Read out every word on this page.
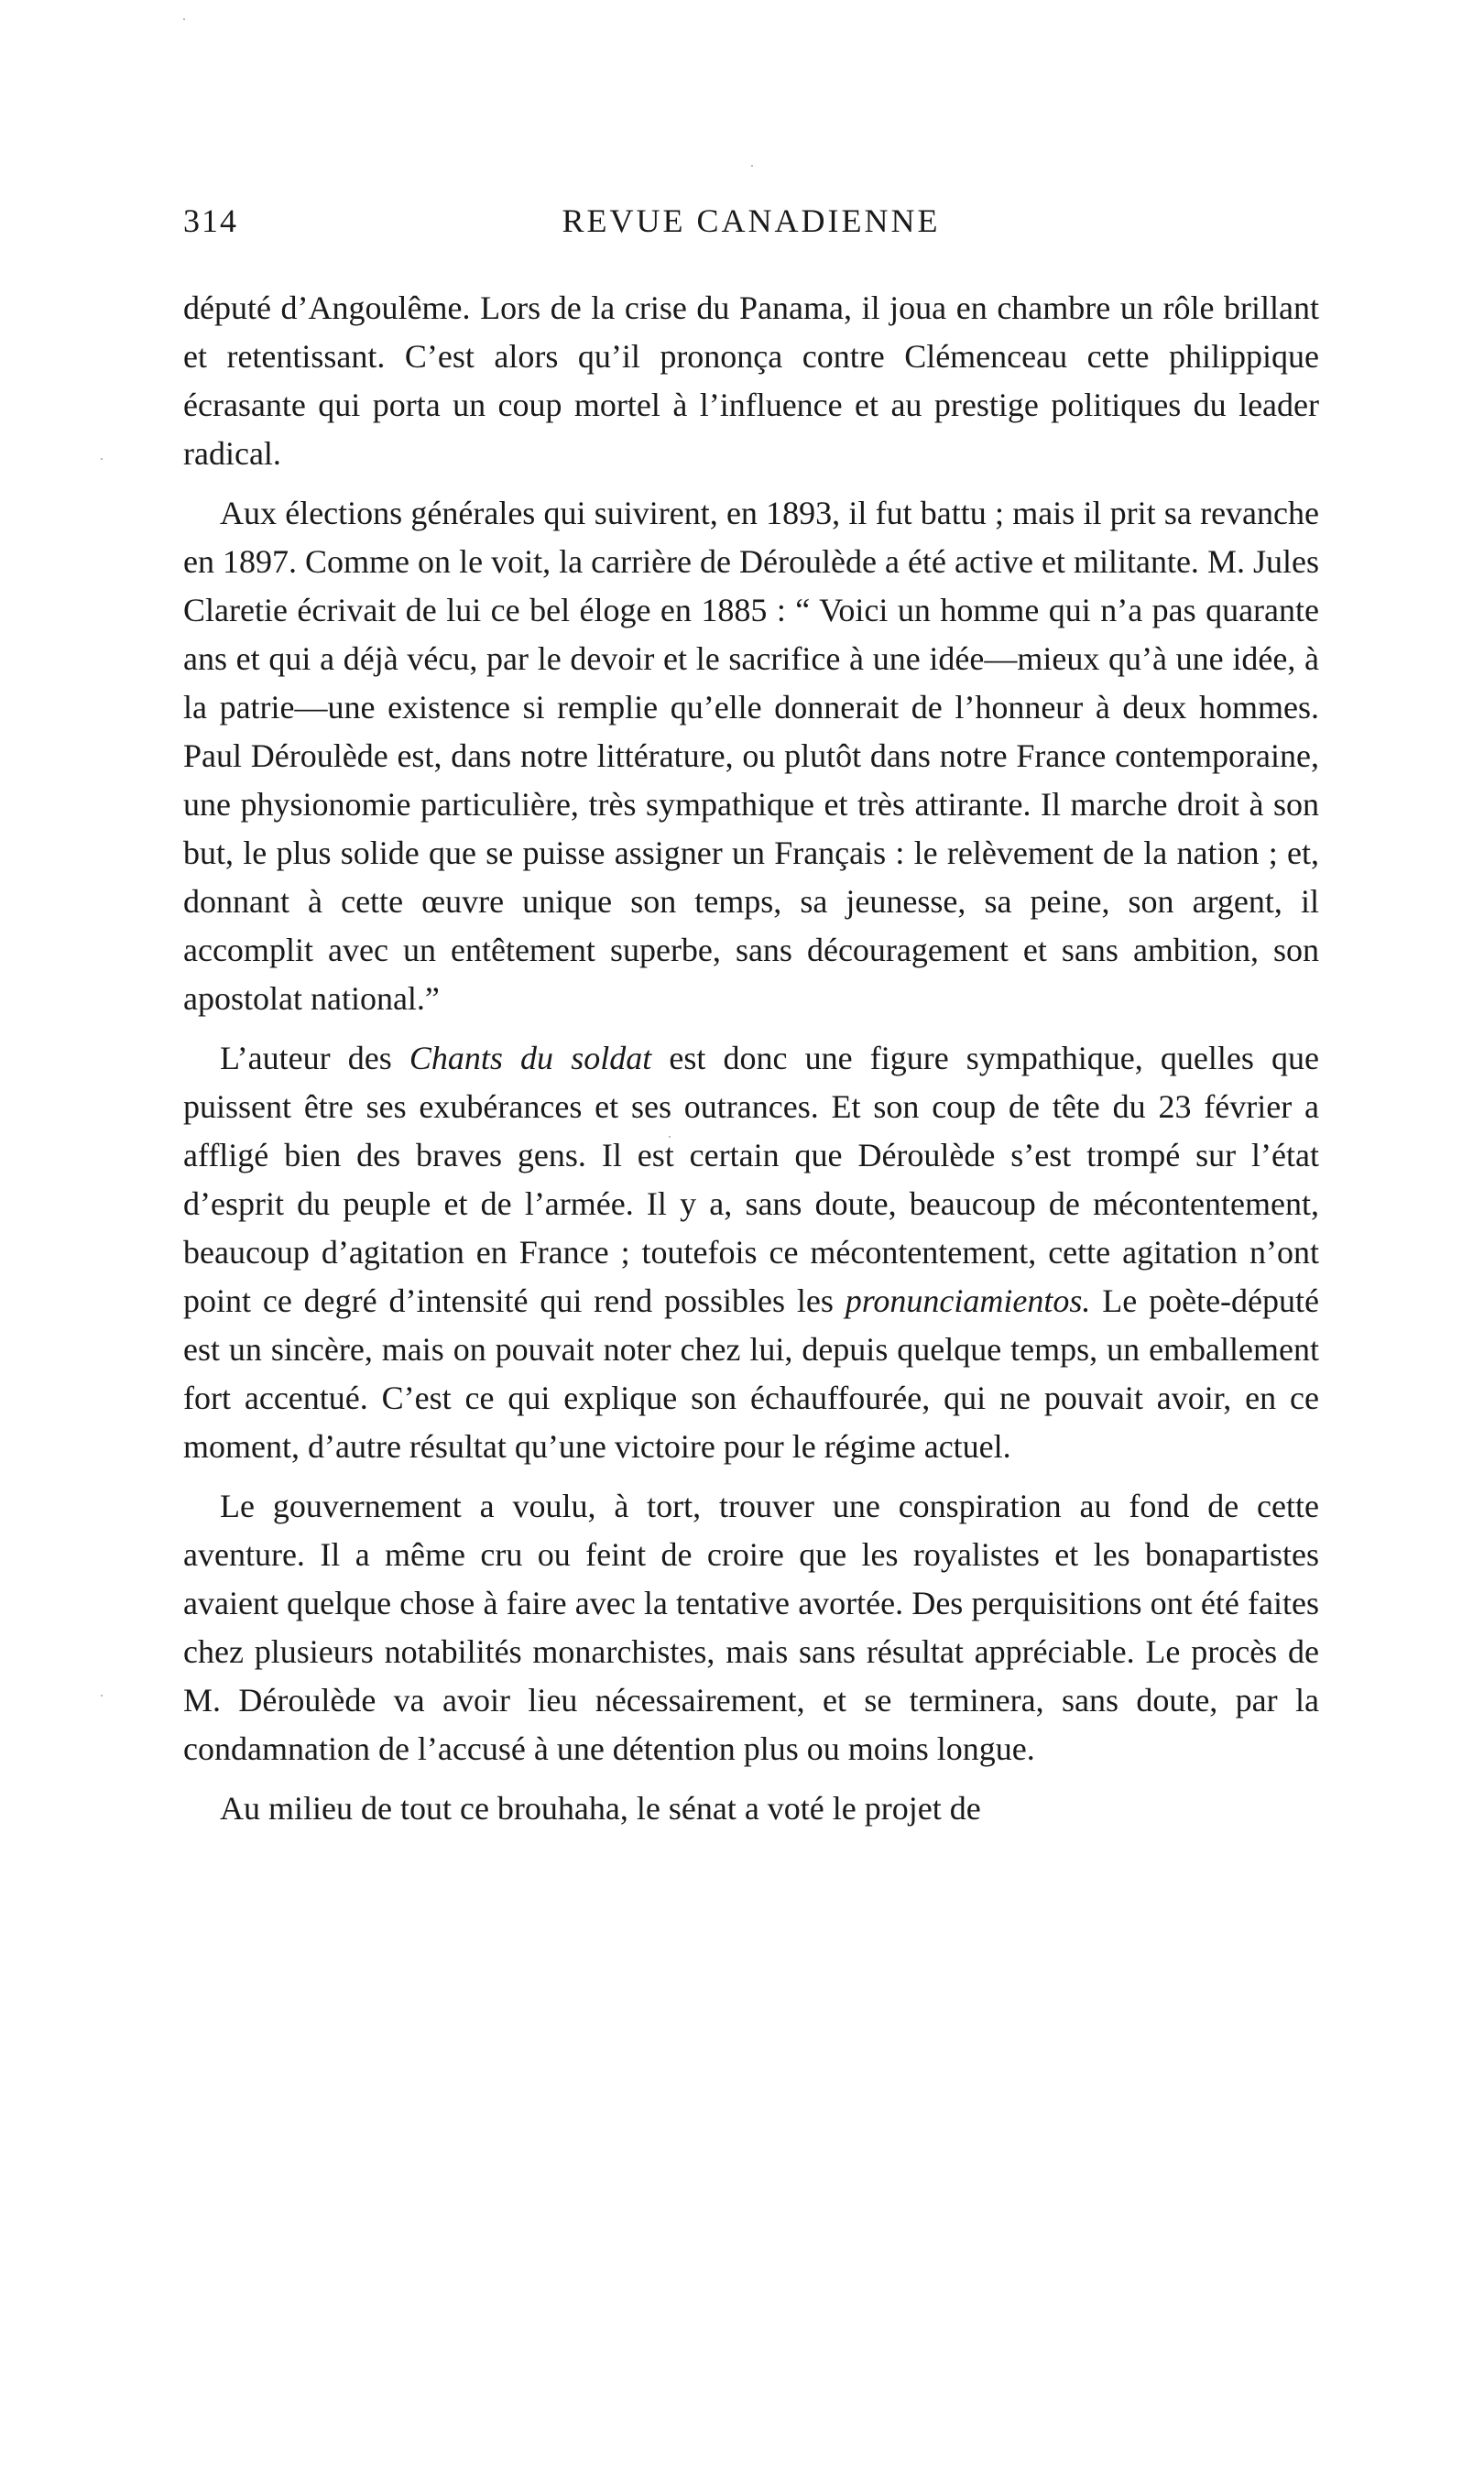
314	REVUE CANADIENNE

député d’Angoulême. Lors de la crise du Panama, il joua en chambre un rôle brillant et retentissant. C’est alors qu’il prononça contre Clémenceau cette philippique écrasante qui porta un coup mortel à l’influence et au prestige politiques du leader radical.

Aux élections générales qui suivirent, en 1893, il fut battu ; mais il prit sa revanche en 1897. Comme on le voit, la carrière de Déroulède a été active et militante. M. Jules Claretie écrivait de lui ce bel éloge en 1885 : “ Voici un homme qui n’a pas quarante ans et qui a déjà vécu, par le devoir et le sacrifice à une idée—mieux qu’à une idée, à la patrie—une existence si remplie qu’elle donnerait de l’honneur à deux hommes. Paul Déroulède est, dans notre littérature, ou plutôt dans notre France contemporaine, une physionomie particulière, très sympathique et très attirante. Il marche droit à son but, le plus solide que se puisse assigner un Français : le relèvement de la nation ; et, donnant à cette œuvre unique son temps, sa jeunesse, sa peine, son argent, il accomplit avec un entêtement superbe, sans découragement et sans ambition, son apostolat national.”

L’auteur des Chants du soldat est donc une figure sympathique, quelles que puissent être ses exubérances et ses outrances. Et son coup de tête du 23 février a affligé bien des braves gens. Il est certain que Déroulède s’est trompé sur l’état d’esprit du peuple et de l’armée. Il y a, sans doute, beaucoup de mécontentement, beaucoup d’agitation en France ; toutefois ce mécontentement, cette agitation n’ont point ce degré d’intensité qui rend possibles les pronunciamientos. Le poète-député est un sincère, mais on pouvait noter chez lui, depuis quelque temps, un emballement fort accentué. C’est ce qui explique son échauffourée, qui ne pouvait avoir, en ce moment, d’autre résultat qu’une victoire pour le régime actuel.

Le gouvernement a voulu, à tort, trouver une conspiration au fond de cette aventure. Il a même cru ou feint de croire que les royalistes et les bonapartistes avaient quelque chose à faire avec la tentative avortée. Des perquisitions ont été faites chez plusieurs notabilités monarchistes, mais sans résultat appréciable. Le procès de M. Déroulède va avoir lieu nécessairement, et se terminera, sans doute, par la condamnation de l’accusé à une détention plus ou moins longue.

Au milieu de tout ce brouhaha, le sénat a voté le projet de
